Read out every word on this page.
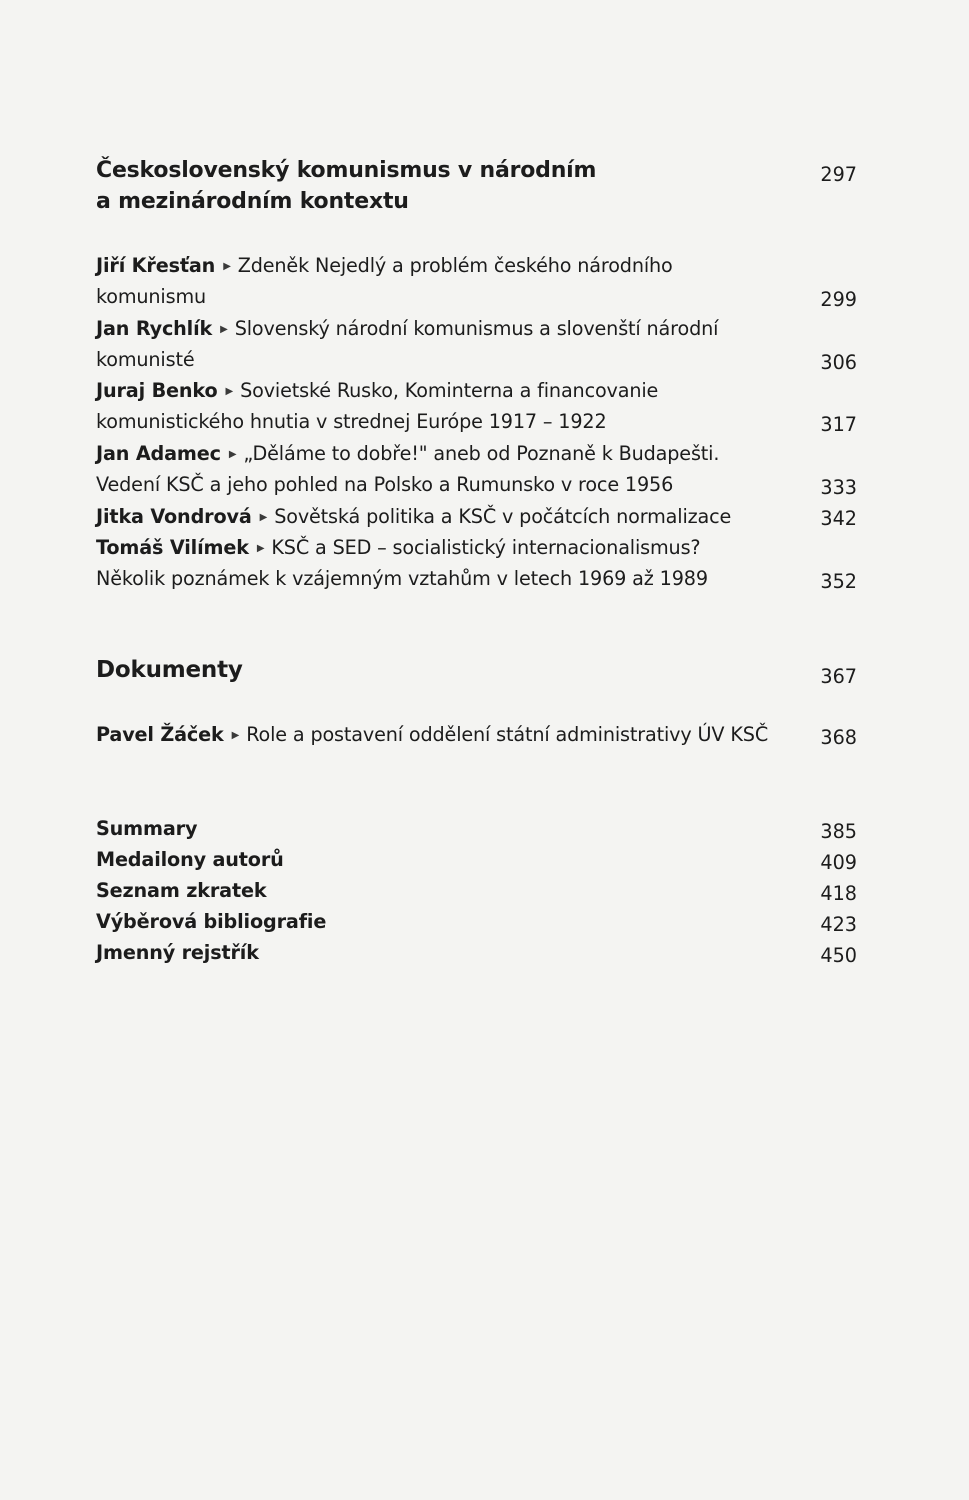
Československý komunismus v národním
a mezinárodním kontextu
297
Jiří Křesťan ▶ Zdeněk Nejedlý a problém českého národního
komunismu	299
Jan Rychlík ▶ Slovenský národní komunismus a slovenští národní
komunisté	306
Juraj Benko ▶ Sovietské Rusko, Kominterna a financovanie
komunistického hnutia v strednej Európe 1917 – 1922	317
Jan Adamec ▶ „Děláme to dobře!" aneb od Poznaně k Budapešti.
Vedení KSČ a jeho pohled na Polsko a Rumunsko v roce 1956	333
Jitka Vondrová ▶ Sovětská politika a KSČ v počátcích normalizace	342
Tomáš Vilímek ▶ KSČ a SED – socialistický internacionalismus?
Několik poznámek k vzájemným vztahům v letech 1969 až 1989	352
Dokumenty	367
Pavel Žáček ▶ Role a postavení oddělení státní administrativy ÚV KSČ	368
Summary	385
Medailony autorů	409
Seznam zkratek	418
Výběrová bibliografie	423
Jmenný rejstřík	450
